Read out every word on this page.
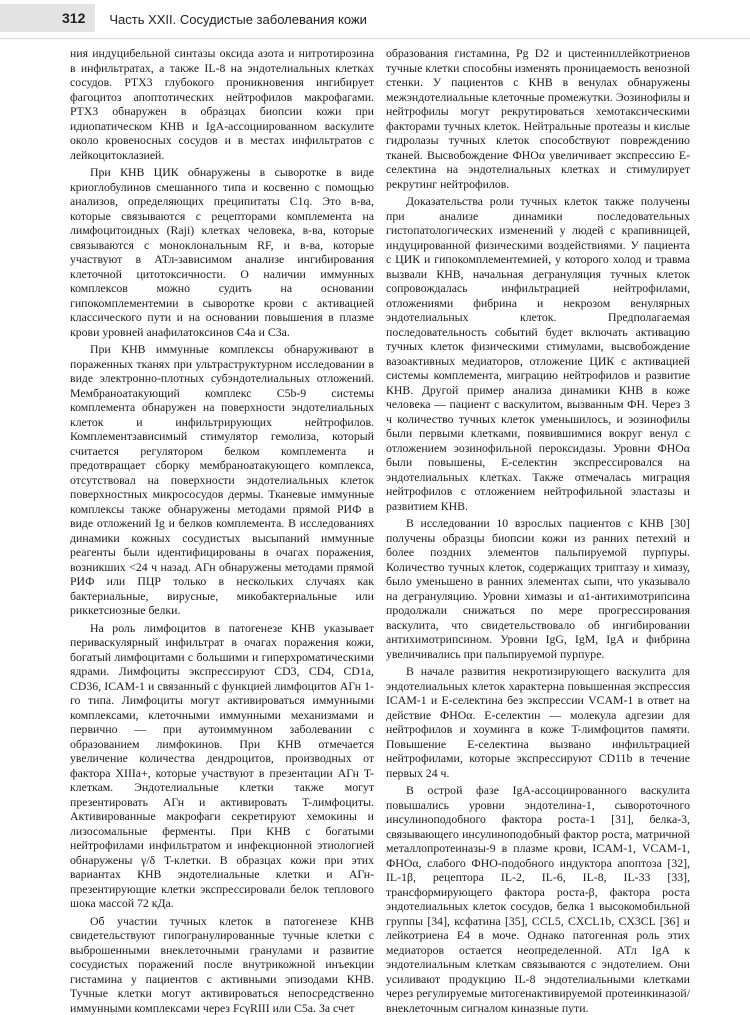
312	Часть XXII. Сосудистые заболевания кожи

ния индуцибельной синтазы оксида азота и нитротирозина в инфильтратах, а также IL-8 на эндотелиальных клетках сосудов. PTX3 глубокого проникновения ингибирует фагоцитоз апоптотических нейтрофилов макрофагами. PTX3 обнаружен в образцах биопсии кожи при идиопатическом КНВ и IgA-ассоциированном васкулите около кровеносных сосудов и в местах инфильтратов с лейкоцитоклазией.

При КНВ ЦИК обнаружены в сыворотке в виде криоглобулинов смешанного типа и косвенно с помощью анализов, определяющих преципитаты C1q. Это в-ва, которые связываются с рецепторами комплемента на лимфоцитоидных (Raji) клетках человека, в-ва, которые связываются с моноклональным RF, и в-ва, которые участвуют в АТл-зависимом анализе ингибирования клеточной цитотоксичности. О наличии иммунных комплексов можно судить на основании гипокомплементемии в сыворотке крови с активацией классического пути и на основании повышения в плазме крови уровней анафилатоксинов C4a и C3a.

При КНВ иммунные комплексы обнаруживают в пораженных тканях при ультраструктурном исследовании в виде электронно-плотных субэндотелиальных отложений. Мембраноатакующий комплекс C5b-9 системы комплемента обнаружен на поверхности эндотелиальных клеток и инфильтрирующих нейтрофилов. Комплементзависимый стимулятор гемолиза, который считается регулятором белком комплемента и предотвращает сборку мембраноатакующего комплекса, отсутствовал на поверхности эндотелиальных клеток поверхностных микрососудов дермы. Тканевые иммунные комплексы также обнаружены методами прямой РИФ в виде отложений Ig и белков комплемента. В исследованиях динамики кожных сосудистых высыпаний иммунные реагенты были идентифицированы в очагах поражения, возникших <24 ч назад. АГн обнаружены методами прямой РИФ или ПЦР только в нескольких случаях как бактериальные, вирусные, микобактериальные или риккетсиозные белки.

На роль лимфоцитов в патогенезе КНВ указывает периваскулярный инфильтрат в очагах поражения кожи, богатый лимфоцитами с большими и гиперхроматическими ядрами. Лимфоциты экспрессируют CD3, CD4, CD1a, CD36, ICAM-1 и связанный с функцией лимфоцитов АГн 1-го типа. Лимфоциты могут активироваться иммунными комплексами, клеточными иммунными механизмами и первично — при аутоиммунном заболевании с образованием лимфокинов. При КНВ отмечается увеличение количества дендроцитов, производных от фактора XIIIa+, которые участвуют в презентации АГн T-клеткам. Эндотелиальные клетки также могут презентировать АГн и активировать T-лимфоциты. Активированные макрофаги секретируют хемокины и лизосомальные ферменты. При КНВ с богатыми нейтрофилами инфильтратом и инфекционной этиологией обнаружены γ/δ T-клетки. В образцах кожи при этих вариантах КНВ эндотелиальные клетки и АГн-презентирующие клетки экспрессировали белок теплового шока массой 72 кДа.

Об участии тучных клеток в патогенезе КНВ свидетельствуют гипогранулированные тучные клетки с выброшенными внеклеточными гранулами и развитие сосудистых поражений после внутрикожной инъекции гистамина у пациентов с активными эпизодами КНВ. Тучные клетки могут активироваться непосредственно иммунными комплексами через FcγRIII или C5a. За счет

образования гистамина, Pg D2 и цистеиниллейкотриенов тучные клетки способны изменять проницаемость венозной стенки. У пациентов с КНВ в венулах обнаружены межэндотелиальные клеточные промежутки. Эозинофилы и нейтрофилы могут рекрутироваться хемотаксическими факторами тучных клеток. Нейтральные протеазы и кислые гидролазы тучных клеток способствуют повреждению тканей. Высвобождение ФНОα увеличивает экспрессию E-селектина на эндотелиальных клетках и стимулирует рекрутинг нейтрофилов.

Доказательства роли тучных клеток также получены при анализе динамики последовательных гистопатологических изменений у людей с крапивницей, индуцированной физическими воздействиями. У пациента с ЦИК и гипокомплементемией, у которого холод и травма вызвали КНВ, начальная дегрануляция тучных клеток сопровождалась инфильтрацией нейтрофилами, отложениями фибрина и некрозом венулярных эндотелиальных клеток. Предполагаемая последовательность событий будет включать активацию тучных клеток физическими стимулами, высвобождение вазоактивных медиаторов, отложение ЦИК с активацией системы комплемента, миграцию нейтрофилов и развитие КНВ. Другой пример анализа динамики КНВ в коже человека — пациент с васкулитом, вызванным ФН. Через 3 ч количество тучных клеток уменьшилось, и эозинофилы были первыми клетками, появившимися вокруг венул с отложением эозинофильной пероксидазы. Уровни ФНОα были повышены, E-селектин экспрессировался на эндотелиальных клетках. Также отмечалась миграция нейтрофилов с отложением нейтрофильной эластазы и развитием КНВ.

В исследовании 10 взрослых пациентов с КНВ [30] получены образцы биопсии кожи из ранних петехий и более поздних элементов пальпируемой пурпуры. Количество тучных клеток, содержащих триптазу и химазу, было уменьшено в ранних элементах сыпи, что указывало на дегрануляцию. Уровни химазы и α1-антихимотрипсина продолжали снижаться по мере прогрессирования васкулита, что свидетельствовало об ингибировании антихимотрипсином. Уровни IgG, IgM, IgA и фибрина увеличивались при пальпируемой пурпуре.

В начале развития некротизирующего васкулита для эндотелиальных клеток характерна повышенная экспрессия ICAM-1 и E-селектина без экспрессии VCAM-1 в ответ на действие ФНОα. E-селектин — молекула адгезии для нейтрофилов и хоуминга в коже T-лимфоцитов памяти. Повышение E-селектина вызвано инфильтрацией нейтрофилами, которые экспрессируют CD11b в течение первых 24 ч.

В острой фазе IgA-ассоциированного васкулита повышались уровни эндотелина-1, сывороточного инсулиноподобного фактора роста-1 [31], белка-3, связывающего инсулиноподобный фактор роста, матричной металлопротеиназы-9 в плазме крови, ICAM-1, VCAM-1, ФНОα, слабого ФНО-подобного индуктора апоптоза [32], IL-1β, рецептора IL-2, IL-6, IL-8, IL-33 [33], трансформирующего фактора роста-β, фактора роста эндотелиальных клеток сосудов, белка 1 высокомобильной группы [34], ксфатина [35], CCL5, CXCL1b, CX3CL [36] и лейкотриена E4 в моче. Однако патогенная роль этих медиаторов остается неопределенной. АТл IgA к эндотелиальным клеткам связываются с эндотелием. Они усиливают продукцию IL-8 эндотелиальными клетками через регулируемые митогенактивируемой протеинкиназой/внеклеточным сигналом киназные пути.
